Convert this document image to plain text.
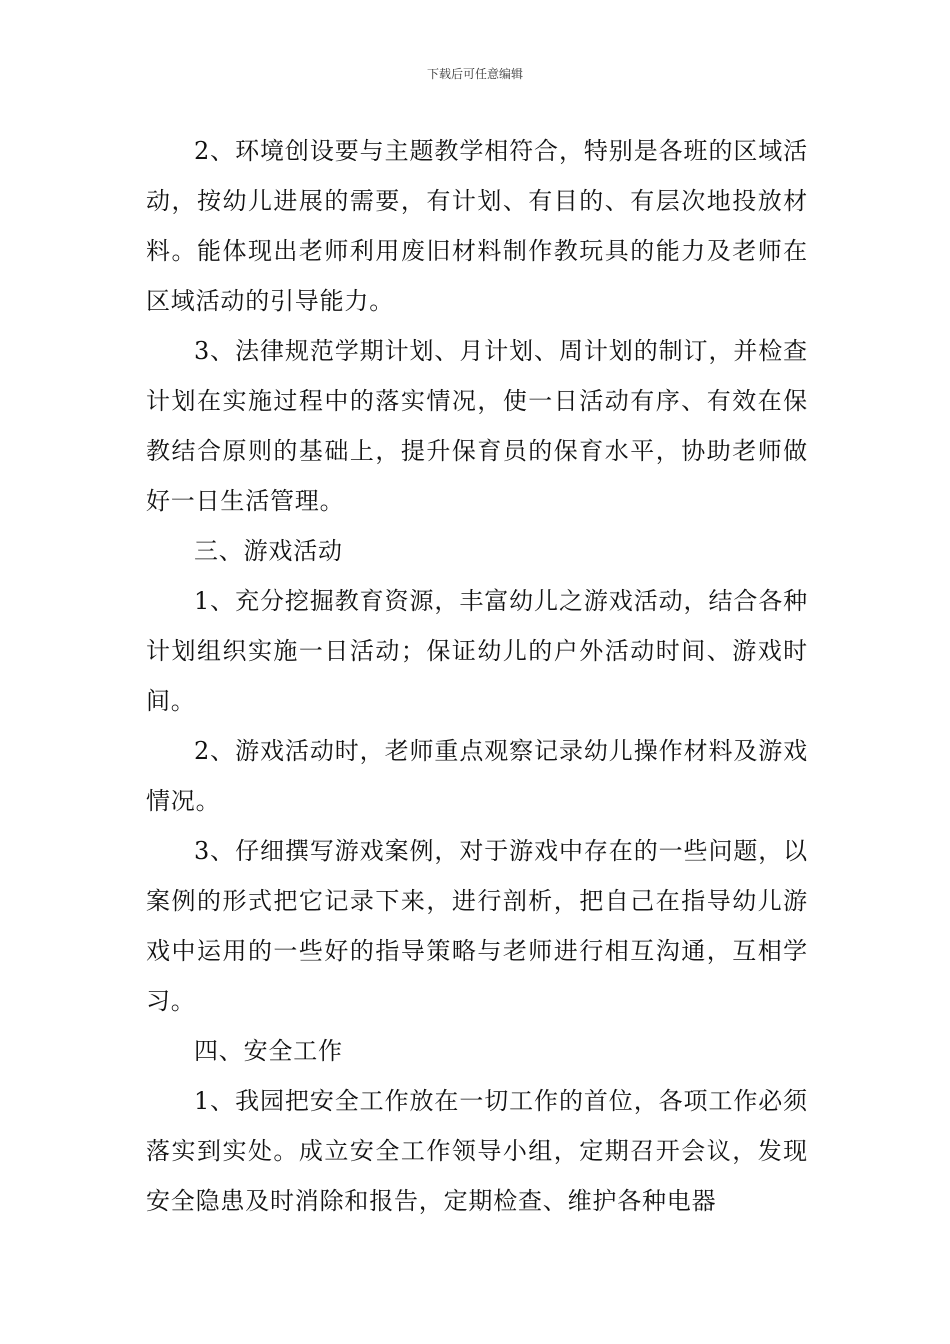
下载后可任意编辑

2、环境创设要与主题教学相符合，特别是各班的区域活动，按幼儿进展的需要，有计划、有目的、有层次地投放材料。能体现出老师利用废旧材料制作教玩具的能力及老师在区域活动的引导能力。

3、法律规范学期计划、月计划、周计划的制订，并检查计划在实施过程中的落实情况，使一日活动有序、有效在保教结合原则的基础上，提升保育员的保育水平，协助老师做好一日生活管理。

三、游戏活动

1、充分挖掘教育资源，丰富幼儿之游戏活动，结合各种计划组织实施一日活动；保证幼儿的户外活动时间、游戏时间。

2、游戏活动时，老师重点观察记录幼儿操作材料及游戏情况。

3、仔细撰写游戏案例，对于游戏中存在的一些问题，以案例的形式把它记录下来，进行剖析，把自己在指导幼儿游戏中运用的一些好的指导策略与老师进行相互沟通，互相学习。

四、安全工作

1、我园把安全工作放在一切工作的首位，各项工作必须落实到实处。成立安全工作领导小组，定期召开会议，发现安全隐患及时消除和报告，定期检查、维护各种电器
